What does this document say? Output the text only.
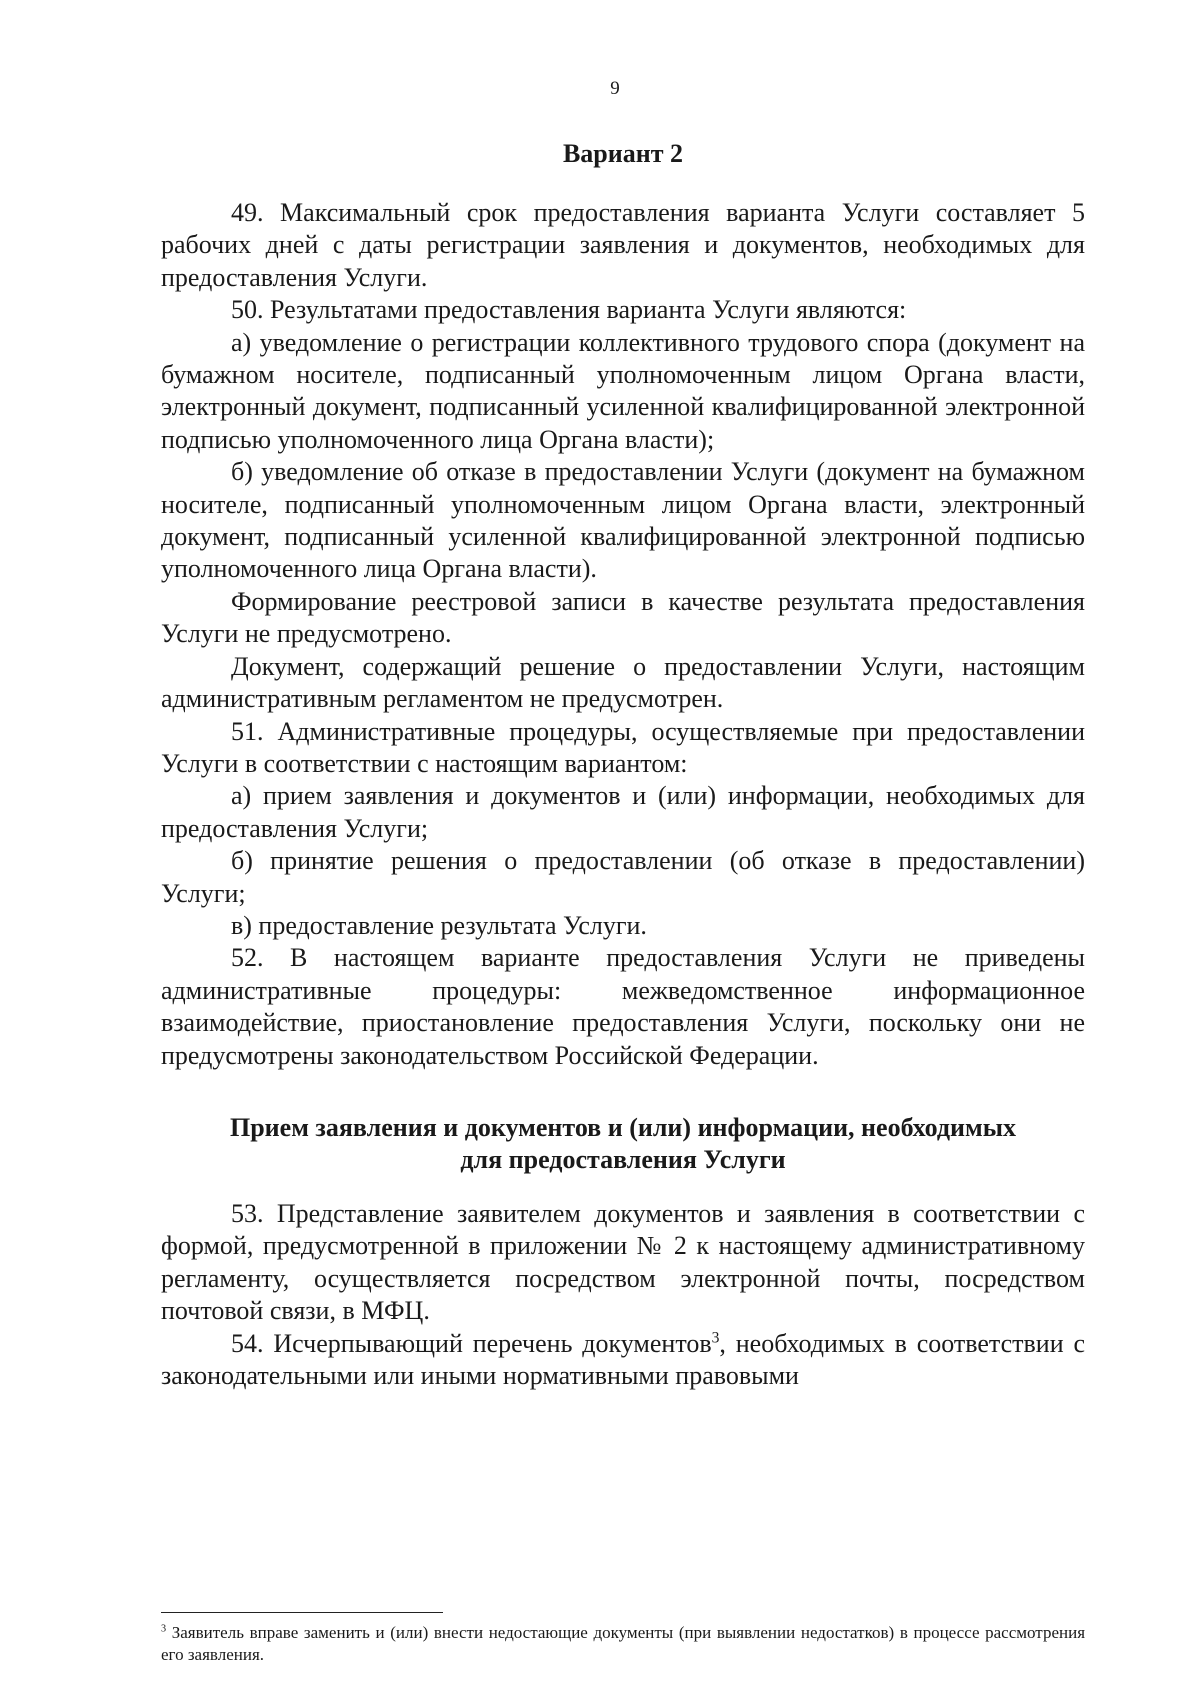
9
Вариант 2

49. Максимальный срок предоставления варианта Услуги составляет 5 рабочих дней с даты регистрации заявления и документов, необходимых для предоставления Услуги.

50. Результатами предоставления варианта Услуги являются:

а) уведомление о регистрации коллективного трудового спора (документ на бумажном носителе, подписанный уполномоченным лицом Органа власти, электронный документ, подписанный усиленной квалифицированной электронной подписью уполномоченного лица Органа власти);

б) уведомление об отказе в предоставлении Услуги (документ на бумажном носителе, подписанный уполномоченным лицом Органа власти, электронный документ, подписанный усиленной квалифицированной электронной подписью уполномоченного лица Органа власти).

Формирование реестровой записи в качестве результата предоставления Услуги не предусмотрено.

Документ, содержащий решение о предоставлении Услуги, настоящим административным регламентом не предусмотрен.

51. Административные процедуры, осуществляемые при предоставлении Услуги в соответствии с настоящим вариантом:

а) прием заявления и документов и (или) информации, необходимых для предоставления Услуги;

б) принятие решения о предоставлении (об отказе в предоставлении) Услуги;

в) предоставление результата Услуги.

52. В настоящем варианте предоставления Услуги не приведены административные процедуры: межведомственное информационное взаимодействие, приостановление предоставления Услуги, поскольку они не предусмотрены законодательством Российской Федерации.

Прием заявления и документов и (или) информации, необходимых
для предоставления Услуги

53. Представление заявителем документов и заявления в соответствии с формой, предусмотренной в приложении № 2 к настоящему административному регламенту, осуществляется посредством электронной почты, посредством почтовой связи, в МФЦ.

54. Исчерпывающий перечень документов$^3$, необходимых в соответствии с законодательными или иными нормативными правовыми

$^3$ Заявитель вправе заменить и (или) внести недостающие документы (при выявлении недостатков) в процессе рассмотрения его заявления.
